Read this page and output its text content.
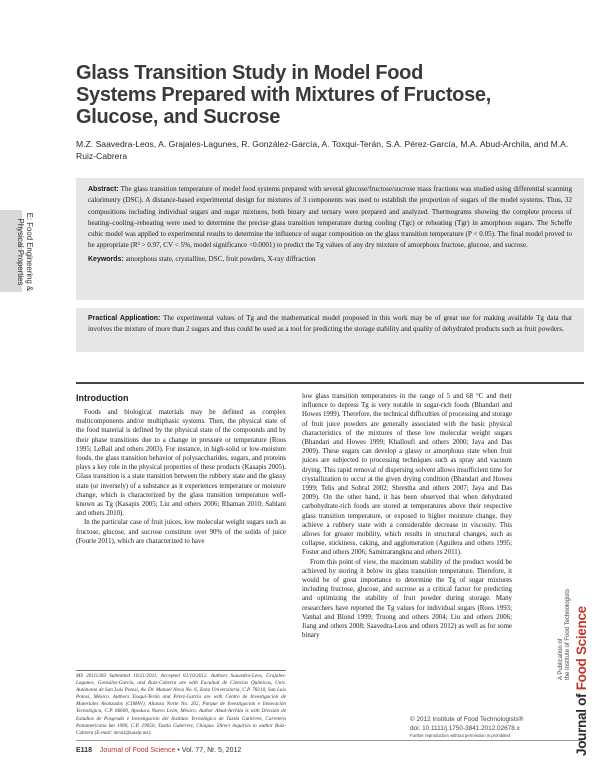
Glass Transition Study in Model Food Systems Prepared with Mixtures of Fructose, Glucose, and Sucrose
M.Z. Saavedra-Leos, A. Grajales-Lagunes, R. González-García, A. Toxqui-Terán, S.A. Pérez-García, M.A. Abud-Archila, and M.A. Ruiz-Cabrera
E: Food Engineering & Physical Properties
Abstract: The glass transition temperature of model food systems prepared with several glucose/fructose/sucrose mass fractions was studied using differential scanning calorimetry (DSC). A distance-based experimental design for mixtures of 3 components was used to establish the proportion of sugars of the model systems. Thus, 32 compositions including individual sugars and sugar mixtures, both binary and ternary were prepared and analyzed. Thermograms showing the complete process of heating–cooling–reheating were used to determine the precise glass transition temperature during cooling (Tgc) or reheating (Tgr) in amorphous sugars. The Scheffe cubic model was applied to experimental results to determine the influence of sugar composition on the glass transition temperature (P < 0.05). The final model proved to be appropriate (R² > 0.97, CV < 5%, model significance <0.0001) to predict the Tg values of any dry mixture of amorphous fructose, glucose, and sucrose.
Keywords: amorphous state, crystalline, DSC, fruit powders, X-ray diffraction
Practical Application: The experimental values of Tg and the mathematical model proposed in this work may be of great use for making available Tg data that involves the mixture of more than 2 sugars and thus could be used as a tool for predicting the storage stability and quality of dehydrated products such as fruit powders.
Introduction

Foods and biological materials may be defined as complex multicomponents and/or multiphasic systems. Then, the physical state of the food material is defined by the physical state of the compounds and by their phase transitions due to a change in pressure or temperature (Roos 1995; LeBail and others 2003). For instance, in high-solid or low-moisture foods, the glass transition behavior of polysaccharides, sugars, and proteins plays a key role in the physical properties of these products (Kasapis 2005). Glass transition is a state transition between the rubbery state and the glassy state (or inversely) of a substance as it experiences temperature or moisture change, which is characterized by the glass transition temperature well-known as Tg (Kasapis 2005; Liu and others 2006; Rhaman 2010; Sablani and others 2010).

In the particular case of fruit juices, low molecular weight sugars such as fructose, glucose, and sucrose constitute over 90% of the solids of juice (Fourie 2011), which are characterized to have

low glass transition temperatures in the range of 5 and 68 °C and their influence to depress Tg is very notable in sugar-rich foods (Bhandari and Howes 1999). Therefore, the technical difficulties of processing and storage of fruit juice powders are generally associated with the basic physical characteristics of the mixtures of these low molecular weight sugars (Bhandari and Howes 1999; Khalloufi and others 2000; Jaya and Das 2009). These sugars can develop a glassy or amorphous state when fruit juices are subjected to processing techniques such as spray and vacuum drying. This rapid removal of dispersing solvent allows insufficient time for crystallization to occur at the given drying condition (Bhandari and Howes 1999; Telis and Sobral 2002; Shrestha and others 2007; Jaya and Das 2009). On the other hand, it has been observed that when dehydrated carbohydrate-rich foods are stored at temperatures above their respective glass transition temperature, or exposed to higher moisture change, they achieve a rubbery state with a considerable decrease in viscosity. This allows for greater mobility, which results in structural changes, such as collapse, stickiness, caking, and agglomeration (Aguilera and others 1995; Foster and others 2006; Samitrarangkna and others 2011).

From this point of view, the maximum stability of the product would be achieved by storing it below its glass transition temperature. Therefore, it would be of great importance to determine the Tg of sugar mixtures including fructose, glucose, and sucrose as a critical factor for predicting and optimizing the stability of fruit powder during storage. Many researchers have reported the Tg values for individual sugars (Roos 1993; Vanhal and Blond 1999; Truong and others 2004; Liu and others 2006; Jiang and others 2008; Saavedra-Leos and others 2012) as well as for some binary

MS 20111283 Submitted 10/21/2011, Accepted 02/10/2012. Authors Saavedra-Leos, Grajales-Lagunes, González-García, and Ruiz-Cabrera are with Facultad de Ciencias Químicas, Univ. Autónoma de San Luis Potosí, Av. Dr. Manuel Nava No. 6, Zona Universitaria, C.P. 78210, San Luis Potosí, México. Authors Toxqui-Terán and Pérez-García are with Centro de Investigación de Materiales Avanzados (CIMAV), Alianza Norte No. 202, Parque de Investigación e Innovación Tecnológica, C.P. 66600, Apodaca Nuevo León, México. Author Abud-Archila is with División de Estudios de Posgrado e Investigación del Instituto Tecnológico de Tuxtla Gutiérrez, Carretera Panamericana km 1080, C.P. 29050, Tuxtla Gutiérrez, Chiapas. Direct inquiries to author Ruiz-Cabrera (E-mail: mruiz@uaslp.mx).
© 2012 Institute of Food Technologists®
doi: 10.1111/j.1750-3841.2012.02678.x
Further reproduction without permission is prohibited
E118 Journal of Food Science • Vol. 77, Nr. 5, 2012
A Publication of the Institute of Food Technologists
Journal of Food Science
